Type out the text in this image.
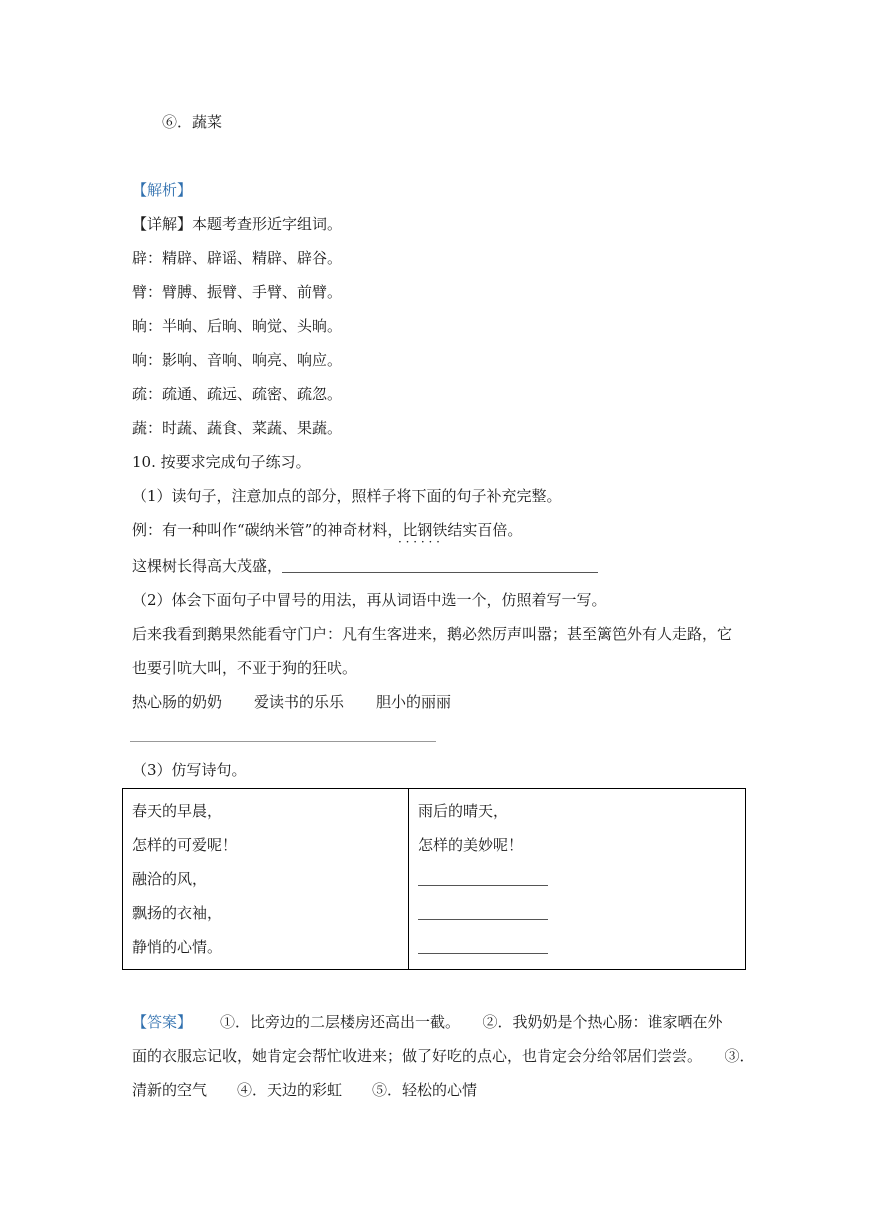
⑥．蔬菜
【解析】
【详解】本题考查形近字组词。
辟：精辟、辟谣、精辟、辟谷。
臂：臂膊、振臂、手臂、前臂。
晌：半晌、后晌、晌觉、头晌。
响：影响、音响、响亮、响应。
疏：疏通、疏远、疏密、疏忽。
蔬：时蔬、蔬食、菜蔬、果蔬。
10. 按要求完成句子练习。
（1）读句子，注意加点的部分，照样子将下面的句子补充完整。
例：有一种叫作“碳纳米管”的神奇材料，比钢铁结实百倍。
· · · · · ·
这棵树长得高大茂盛，
（2）体会下面句子中冒号的用法，再从词语中选一个，仿照着写一写。
后来我看到鹅果然能看守门户：凡有生客进来，鹅必然厉声叫嚣；甚至篱笆外有人走路，它
也要引吭大叫，不亚于狗的狂吠。
热心肠的奶奶 爱读书的乐乐 胆小的丽丽
（3）仿写诗句。
春天的早晨，
怎样的可爱呢！
融洽的风，
飘扬的衣袖，
静悄的心情。

雨后的晴天，
怎样的美妙呢！
【答案】 ①．比旁边的二层楼房还高出一截。　　②．我奶奶是个热心肠：谁家晒在外
面的衣服忘记收，她肯定会帮忙收进来；做了好吃的点心，也肯定会分给邻居们尝尝。　　③．
清新的空气　　④．天边的彩虹　　⑤．轻松的心情
